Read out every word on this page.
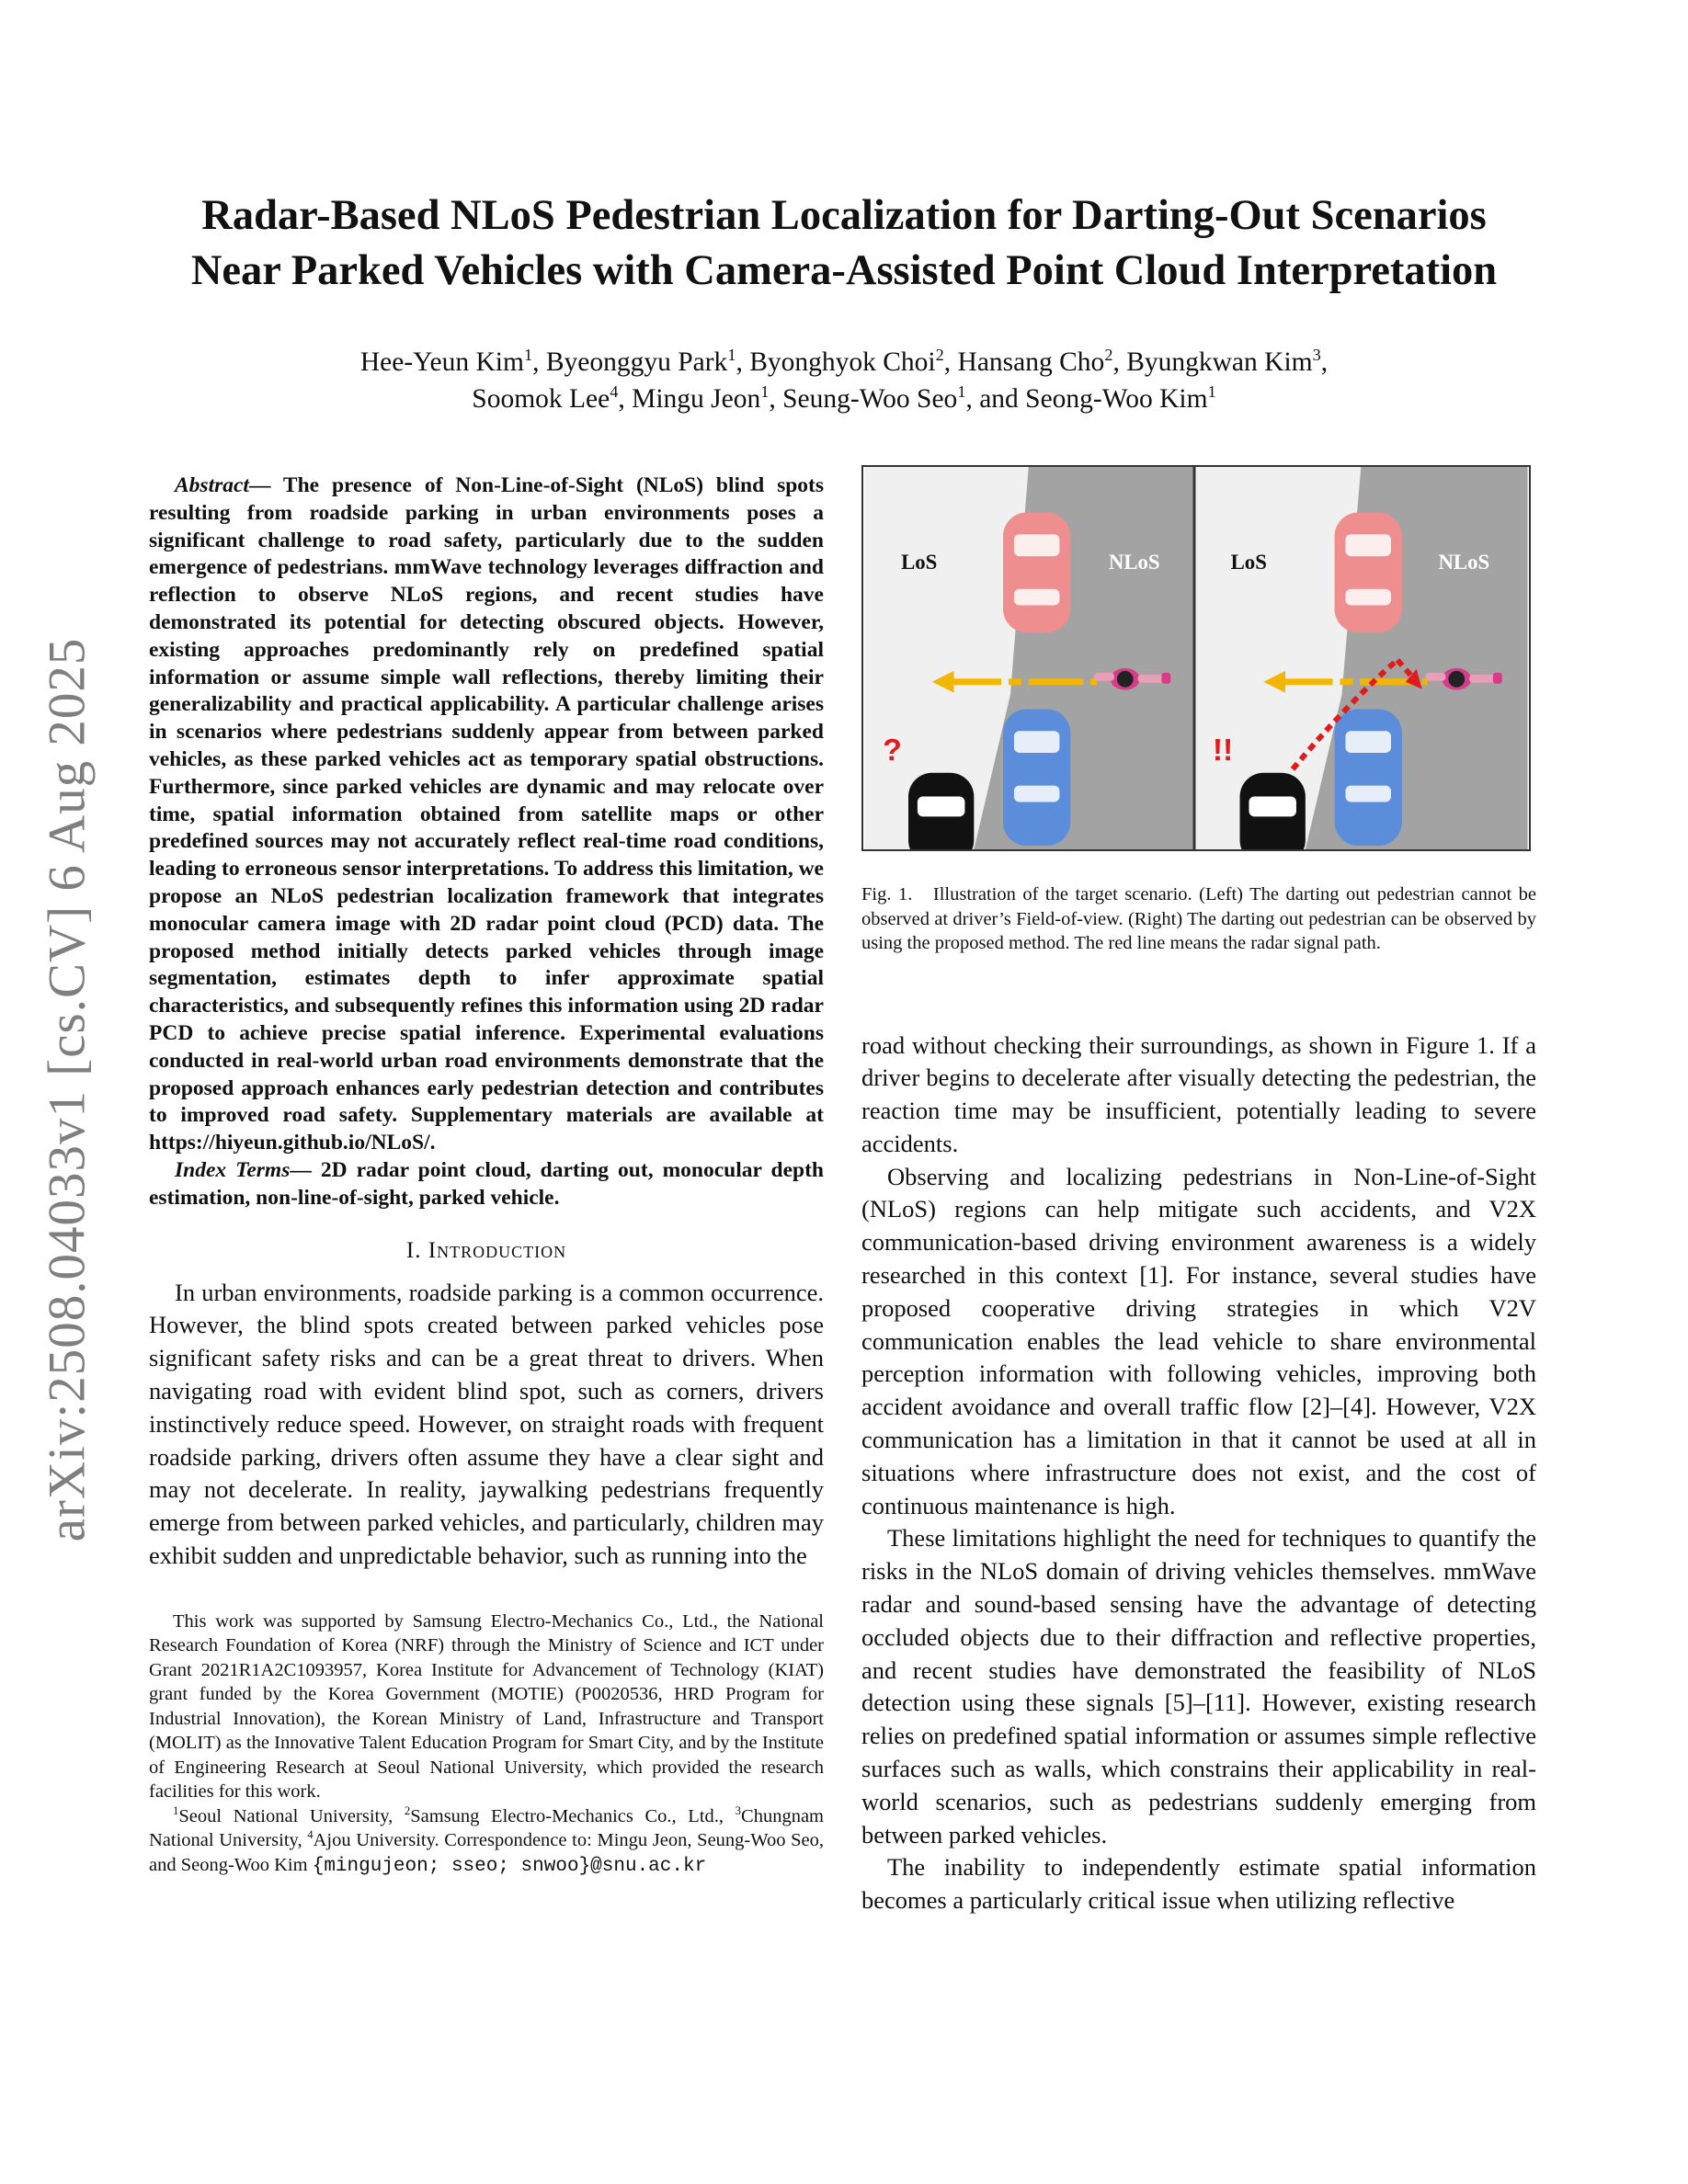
arXiv:2508.04033v1 [cs.CV] 6 Aug 2025
Radar-Based NLoS Pedestrian Localization for Darting-Out Scenarios
Near Parked Vehicles with Camera-Assisted Point Cloud Interpretation
Hee-Yeun Kim$^1$, Byeonggyu Park$^1$, Byonghyok Choi$^2$, Hansang Cho$^2$, Byungkwan Kim$^3$,
Soomok Lee$^4$, Mingu Jeon$^1$, Seung-Woo Seo$^1$, and Seong-Woo Kim$^1$

Abstract— The presence of Non-Line-of-Sight (NLoS) blind spots resulting from roadside parking in urban environments poses a significant challenge to road safety, particularly due to the sudden emergence of pedestrians. mmWave technology leverages diffraction and reflection to observe NLoS regions, and recent studies have demonstrated its potential for detecting obscured objects. However, existing approaches predominantly rely on predefined spatial information or assume simple wall reflections, thereby limiting their generalizability and practical applicability. A particular challenge arises in scenarios where pedestrians suddenly appear from between parked vehicles, as these parked vehicles act as temporary spatial obstructions. Furthermore, since parked vehicles are dynamic and may relocate over time, spatial information obtained from satellite maps or other predefined sources may not accurately reflect real-time road conditions, leading to erroneous sensor interpretations. To address this limitation, we propose an NLoS pedestrian localization framework that integrates monocular camera image with 2D radar point cloud (PCD) data. The proposed method initially detects parked vehicles through image segmentation, estimates depth to infer approximate spatial characteristics, and subsequently refines this information using 2D radar PCD to achieve precise spatial inference. Experimental evaluations conducted in real-world urban road environments demonstrate that the proposed approach enhances early pedestrian detection and contributes to improved road safety. Supplementary materials are available at https://hiyeun.github.io/NLoS/.

Index Terms— 2D radar point cloud, darting out, monocular depth estimation, non-line-of-sight, parked vehicle.

I. Introduction

In urban environments, roadside parking is a common occurrence. However, the blind spots created between parked vehicles pose significant safety risks and can be a great threat to drivers. When navigating road with evident blind spot, such as corners, drivers instinctively reduce speed. However, on straight roads with frequent roadside parking, drivers often assume they have a clear sight and may not decelerate. In reality, jaywalking pedestrians frequently emerge from between parked vehicles, and particularly, children may exhibit sudden and unpredictable behavior, such as running into the

This work was supported by Samsung Electro-Mechanics Co., Ltd., the National Research Foundation of Korea (NRF) through the Ministry of Science and ICT under Grant 2021R1A2C1093957, Korea Institute for Advancement of Technology (KIAT) grant funded by the Korea Government (MOTIE) (P0020536, HRD Program for Industrial Innovation), the Korean Ministry of Land, Infrastructure and Transport (MOLIT) as the Innovative Talent Education Program for Smart City, and by the Institute of Engineering Research at Seoul National University, which provided the research facilities for this work.

$^1$Seoul National University, $^2$Samsung Electro-Mechanics Co., Ltd., $^3$Chungnam National University, $^4$Ajou University. Correspondence to: Mingu Jeon, Seung-Woo Seo, and Seong-Woo Kim {mingujeon; sseo; snwoo}@snu.ac.kr

LoS	NLoS
?
LoS	NLoS
!!

Fig. 1. Illustration of the target scenario. (Left) The darting out pedestrian cannot be observed at driver’s Field-of-view. (Right) The darting out pedestrian can be observed by using the proposed method. The red line means the radar signal path.

road without checking their surroundings, as shown in Figure 1. If a driver begins to decelerate after visually detecting the pedestrian, the reaction time may be insufficient, potentially leading to severe accidents.

Observing and localizing pedestrians in Non-Line-of-Sight (NLoS) regions can help mitigate such accidents, and V2X communication-based driving environment awareness is a widely researched in this context [1]. For instance, several studies have proposed cooperative driving strategies in which V2V communication enables the lead vehicle to share environmental perception information with following vehicles, improving both accident avoidance and overall traffic flow [2]–[4]. However, V2X communication has a limitation in that it cannot be used at all in situations where infrastructure does not exist, and the cost of continuous maintenance is high.

These limitations highlight the need for techniques to quantify the risks in the NLoS domain of driving vehicles themselves. mmWave radar and sound-based sensing have the advantage of detecting occluded objects due to their diffraction and reflective properties, and recent studies have demonstrated the feasibility of NLoS detection using these signals [5]–[11]. However, existing research relies on predefined spatial information or assumes simple reflective surfaces such as walls, which constrains their applicability in real-world scenarios, such as pedestrians suddenly emerging from between parked vehicles.

The inability to independently estimate spatial information becomes a particularly critical issue when utilizing reflective
